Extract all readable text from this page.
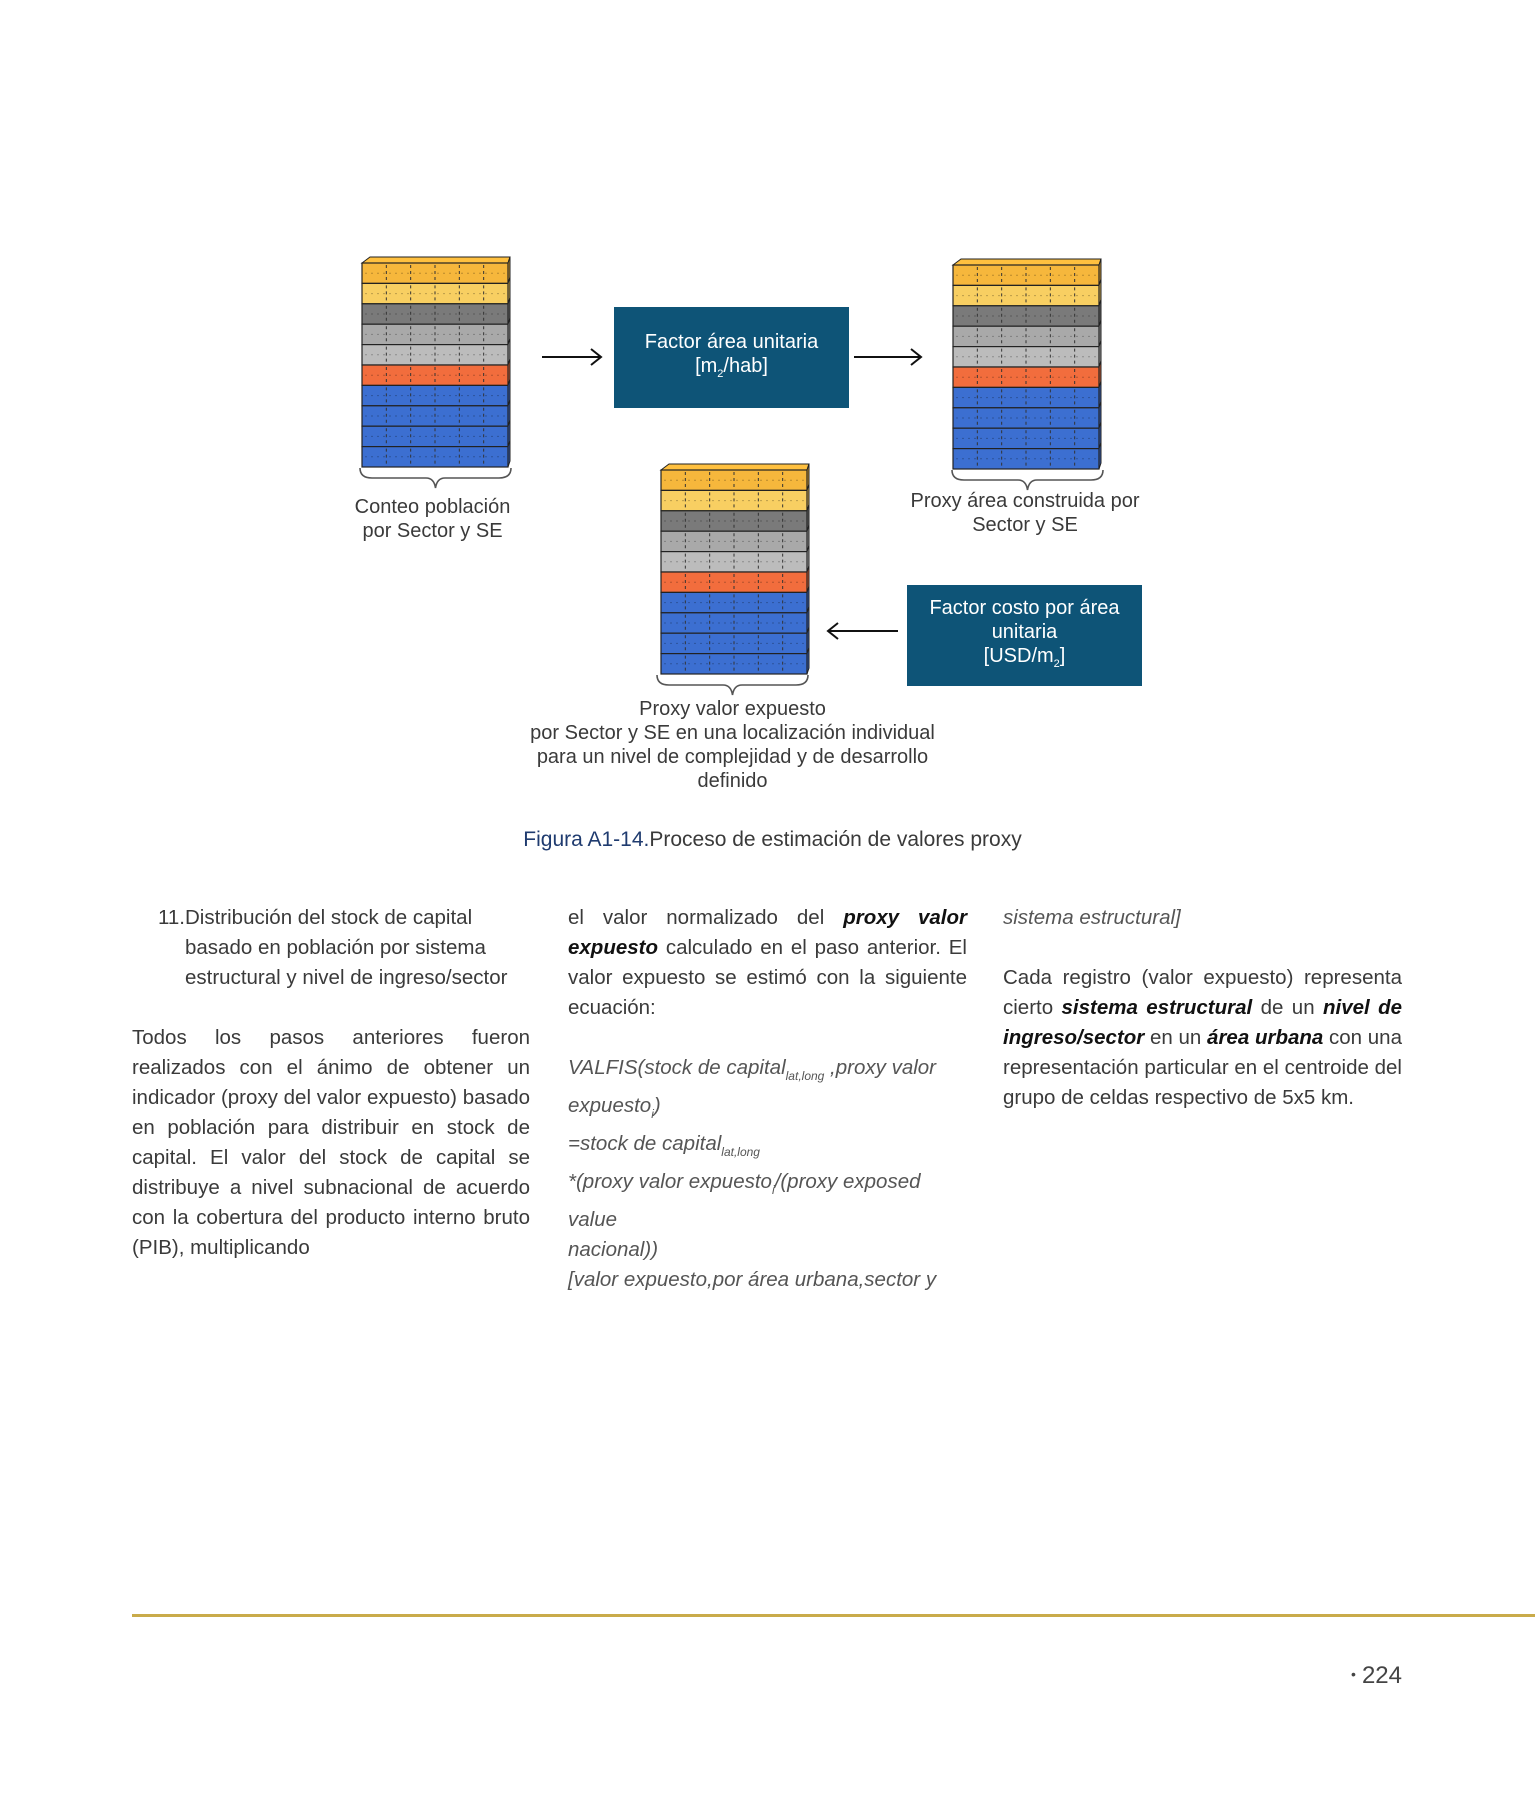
Conteo población
por Sector y SE
Factor área unitaria
$[m_2/hab]$
Proxy área construida por
Sector y SE
Factor costo por área
unitaria
$[USD/m_2]$
Proxy valor expuesto
por Sector y SE en una localización individual
para un nivel de complejidad y de desarrollo
definido
Figura A1-14.Proceso de estimación de valores proxy
11. Distribución del stock de capital
basado en población por sistema
estructural y nivel de ingreso/sector
Todos los pasos anteriores fueron realizados con el ánimo de obtener un indicador (proxy del valor expuesto) basado en población para distribuir en stock de capital. El valor del stock de capital se distribuye a nivel subnacional de acuerdo con la cobertura del producto interno bruto (PIB), multiplicando
el valor normalizado del proxy valor expuesto calculado en el paso anterior. El valor expuesto se estimó con la siguiente ecuación:
VALFIS(stock de capital$_{lat,long}$ ,proxy valor
expuesto$_i$)
=stock de capital$_{lat,long}$
*(proxy valor expuesto$_i$/(proxy exposed value
nacional))
[valor expuesto,por área urbana,sector y
sistema estructural]
Cada registro (valor expuesto) representa cierto sistema estructural de un nivel de ingreso/sector en un área urbana con una representación particular en el centroide del grupo de celdas respectivo de 5x5 km.
• 224
